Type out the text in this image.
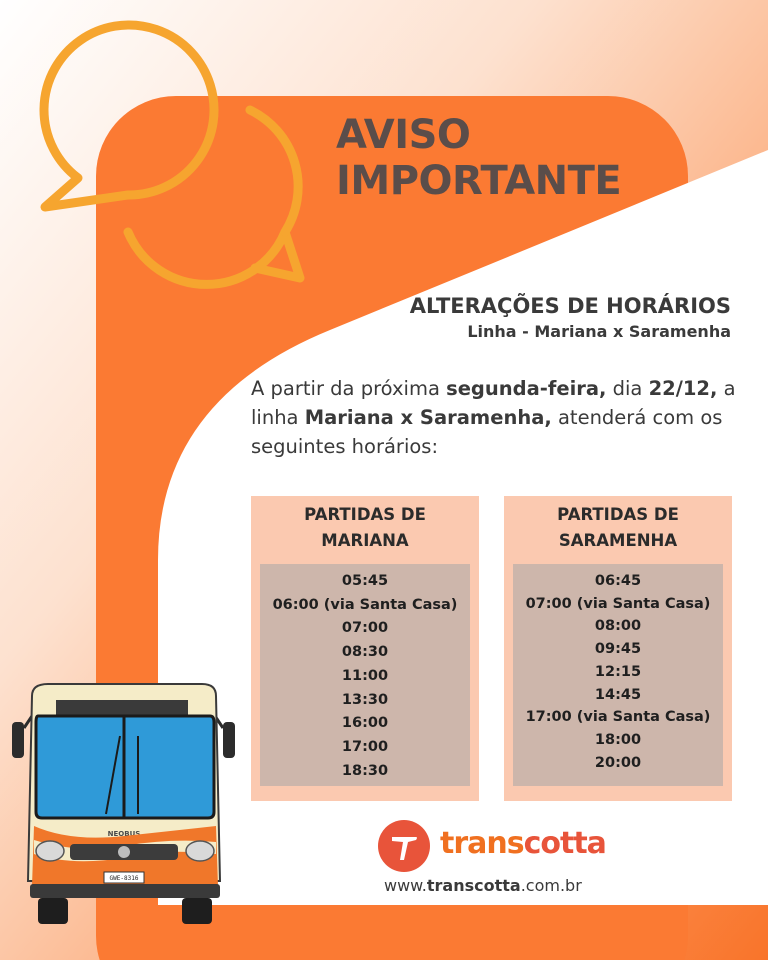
AVISO
IMPORTANTE
ALTERAÇÕES DE HORÁRIOS
Linha - Mariana x Saramenha
A partir da próxima segunda-feira, dia 22/12, a linha Mariana x Saramenha, atenderá com os seguintes horários:
PARTIDAS DE
MARIANA
05:45
06:00 (via Santa Casa)
07:00
08:30
11:00
13:30
16:00
17:00
18:30
PARTIDAS DE
SARAMENHA
06:45
07:00 (via Santa Casa)
08:00
09:45
12:15
14:45
17:00 (via Santa Casa)
18:00
20:00
transcotta
www.transcotta.com.br
NEOBUS
GWE-8316
